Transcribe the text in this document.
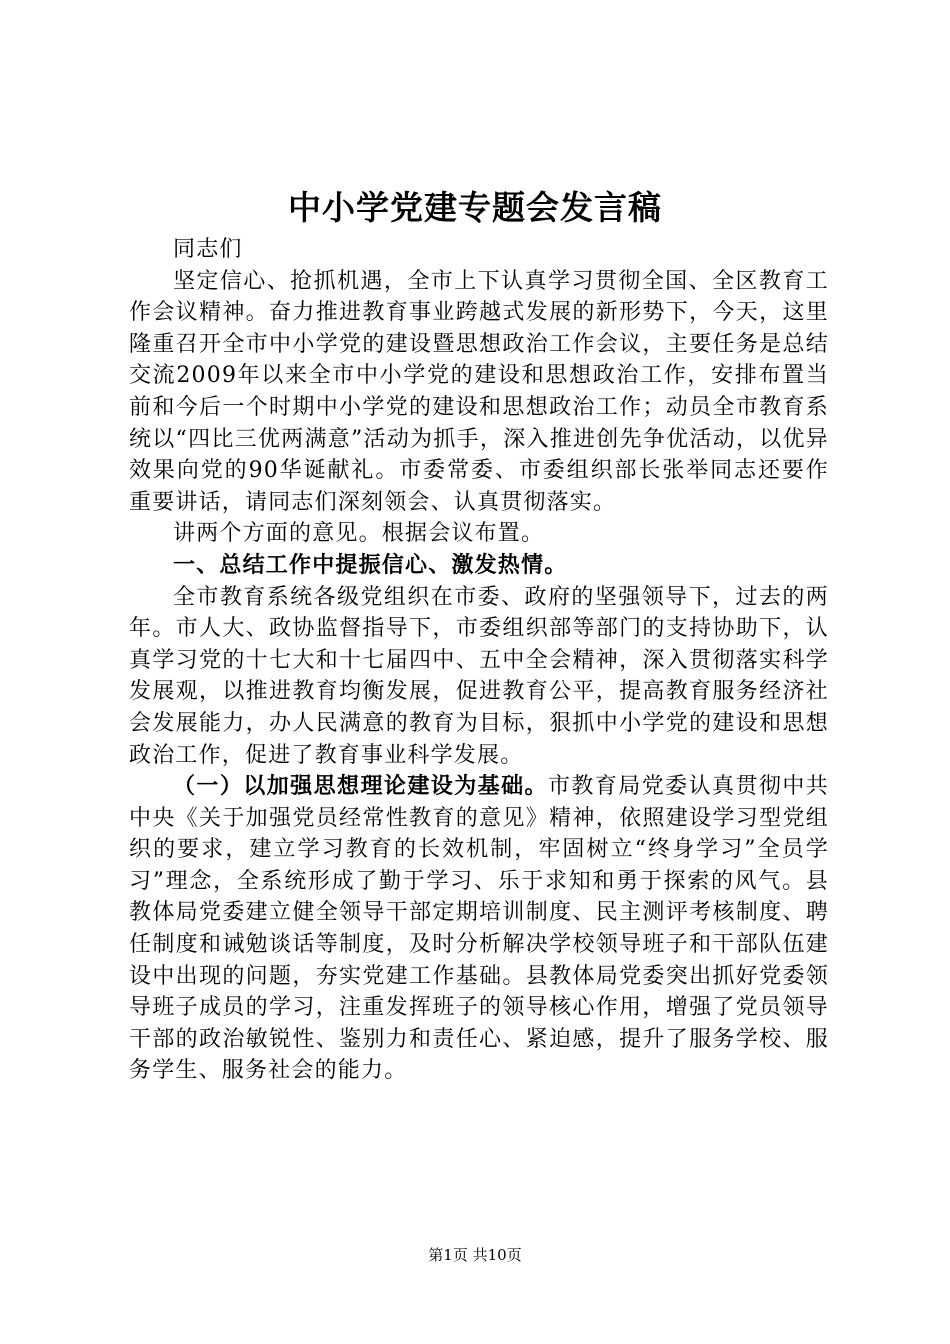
中小学党建专题会发言稿

同志们

坚定信心、抢抓机遇，全市上下认真学习贯彻全国、全区教育工作会议精神。奋力推进教育事业跨越式发展的新形势下，今天，这里隆重召开全市中小学党的建设暨思想政治工作会议，主要任务是总结交流2009年以来全市中小学党的建设和思想政治工作，安排布置当前和今后一个时期中小学党的建设和思想政治工作；动员全市教育系统以“四比三优两满意”活动为抓手，深入推进创先争优活动，以优异效果向党的90华诞献礼。市委常委、市委组织部长张举同志还要作重要讲话，请同志们深刻领会、认真贯彻落实。

讲两个方面的意见。根据会议布置。

一、总结工作中提振信心、激发热情。

全市教育系统各级党组织在市委、政府的坚强领导下，过去的两年。市人大、政协监督指导下，市委组织部等部门的支持协助下，认真学习党的十七大和十七届四中、五中全会精神，深入贯彻落实科学发展观，以推进教育均衡发展，促进教育公平，提高教育服务经济社会发展能力，办人民满意的教育为目标，狠抓中小学党的建设和思想政治工作，促进了教育事业科学发展。

（一）以加强思想理论建设为基础。市教育局党委认真贯彻中共中央《关于加强党员经常性教育的意见》精神，依照建设学习型党组织的要求，建立学习教育的长效机制，牢固树立“终身学习”全员学习”理念，全系统形成了勤于学习、乐于求知和勇于探索的风气。县教体局党委建立健全领导干部定期培训制度、民主测评考核制度、聘任制度和诫勉谈话等制度，及时分析解决学校领导班子和干部队伍建设中出现的问题，夯实党建工作基础。县教体局党委突出抓好党委领导班子成员的学习，注重发挥班子的领导核心作用，增强了党员领导干部的政治敏锐性、鉴别力和责任心、紧迫感，提升了服务学校、服务学生、服务社会的能力。

第1页 共10页
